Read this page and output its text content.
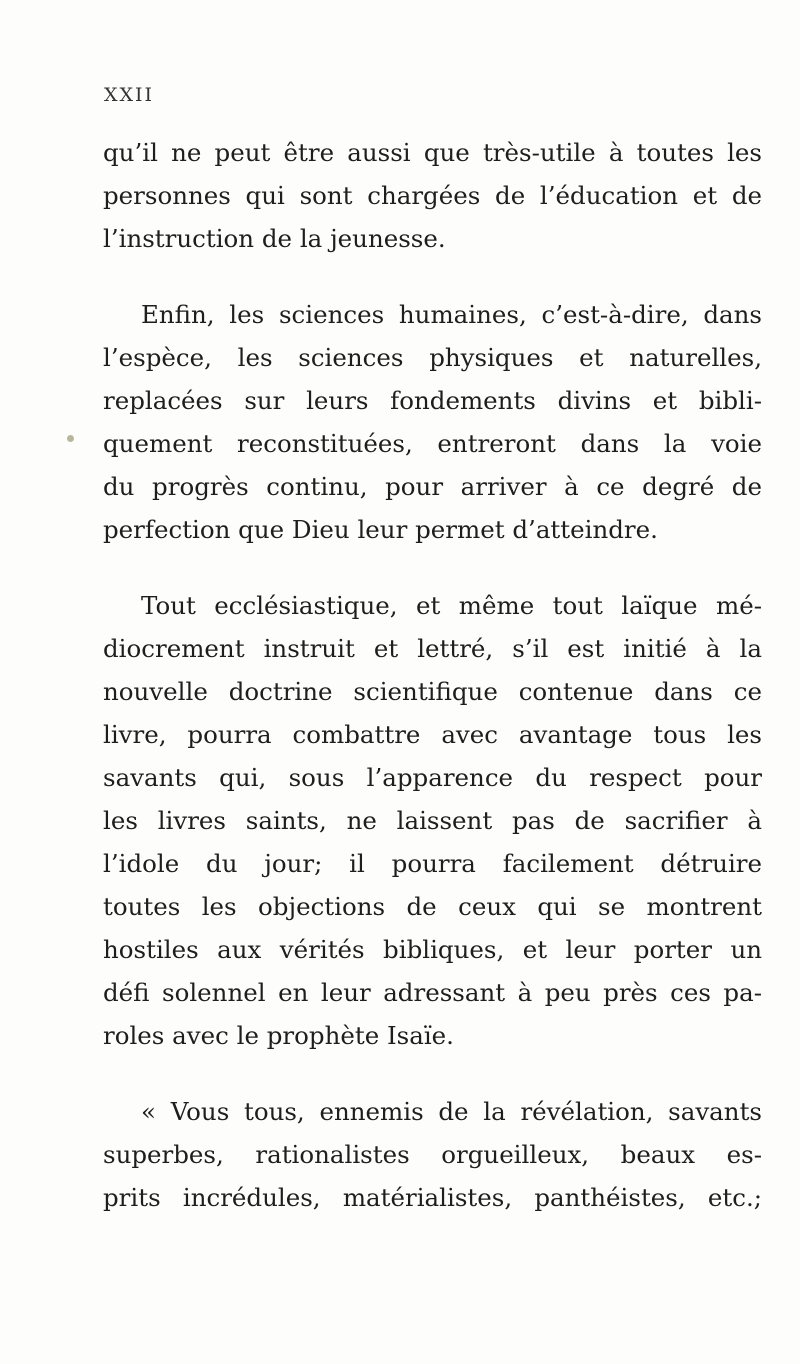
XXII
qu’il ne peut être aussi que très-utile à toutes les
personnes qui sont chargées de l’éducation et de
l’instruction de la jeunesse.
Enfin, les sciences humaines, c’est-à-dire, dans
l’espèce, les sciences physiques et naturelles,
replacées sur leurs fondements divins et bibli-
quement reconstituées, entreront dans la voie
du progrès continu, pour arriver à ce degré de
perfection que Dieu leur permet d’atteindre.
Tout ecclésiastique, et même tout laïque mé-
diocrement instruit et lettré, s’il est initié à la
nouvelle doctrine scientifique contenue dans ce
livre, pourra combattre avec avantage tous les
savants qui, sous l’apparence du respect pour
les livres saints, ne laissent pas de sacrifier à
l’idole du jour; il pourra facilement détruire
toutes les objections de ceux qui se montrent
hostiles aux vérités bibliques, et leur porter un
défi solennel en leur adressant à peu près ces pa-
roles avec le prophète Isaïe.
« Vous tous, ennemis de la révélation, savants
superbes, rationalistes orgueilleux, beaux es-
prits incrédules, matérialistes, panthéistes, etc.;
